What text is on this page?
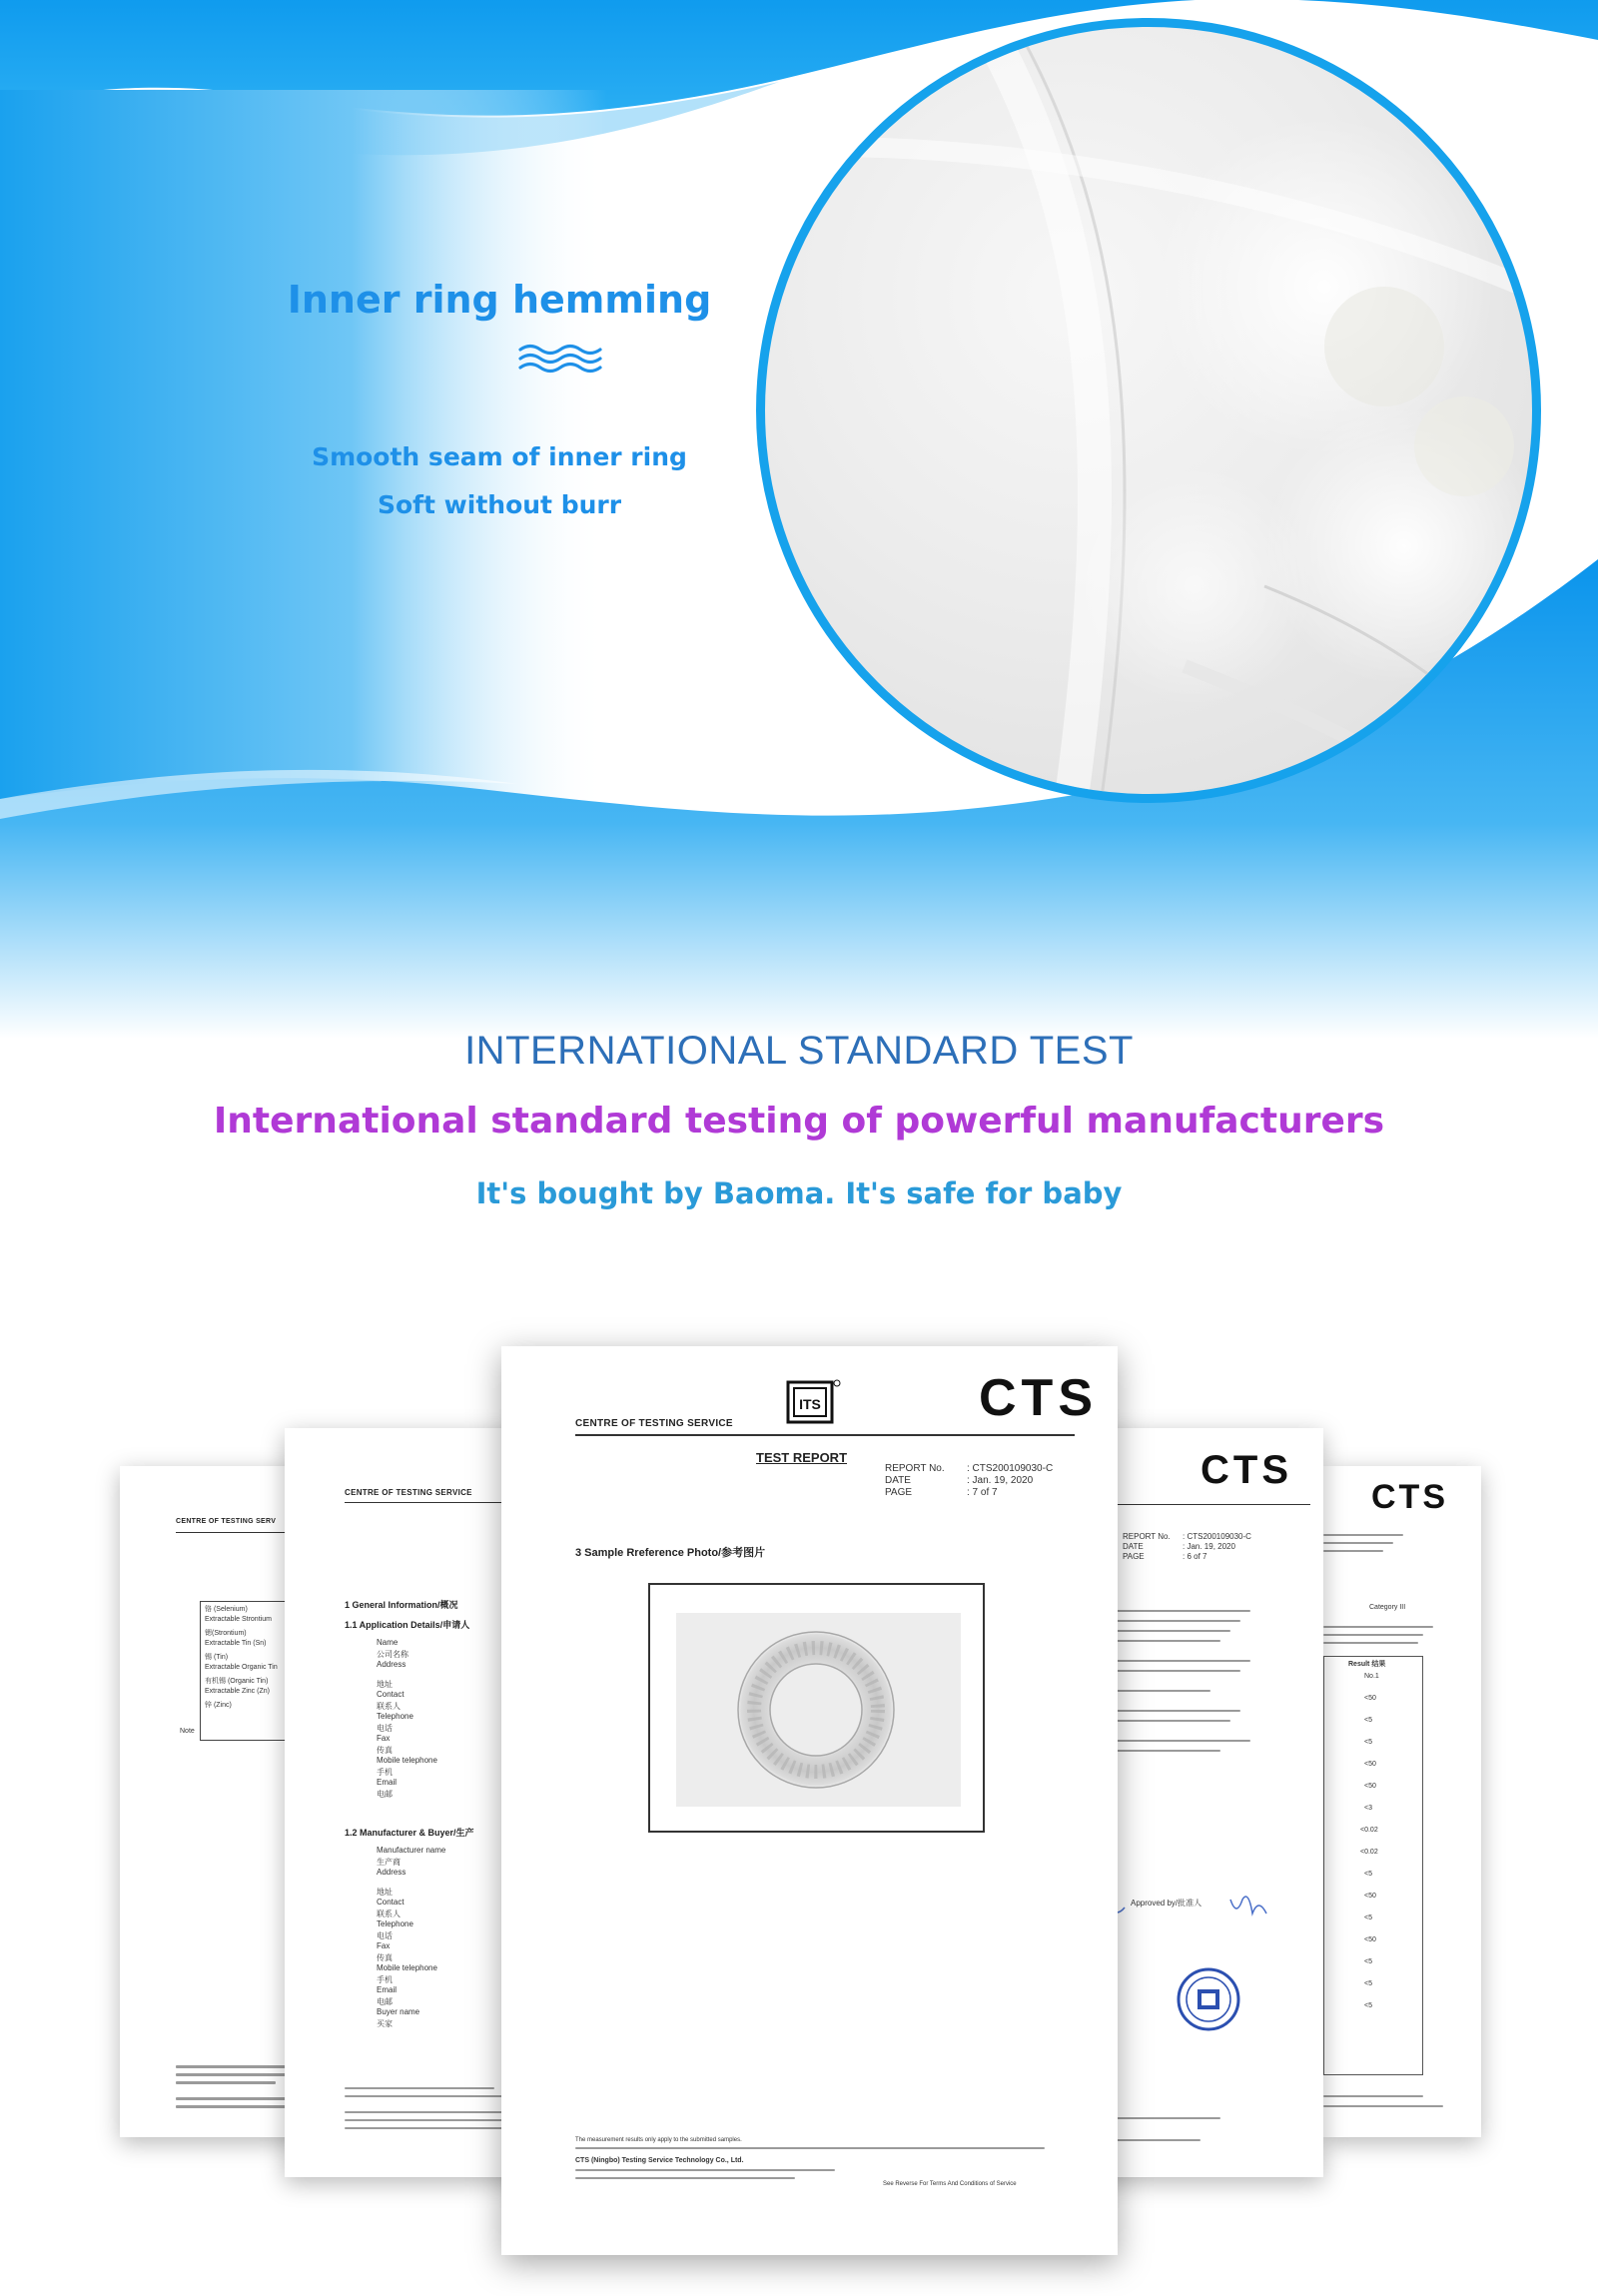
Inner ring hemming
Smooth seam of inner ring
Soft without burr
INTERNATIONAL STANDARD TEST
International standard testing of powerful manufacturers
It's bought by Baoma. It's safe for baby
CENTRE OF TESTING SERV
铬 (Selenium)
Extractable Strontium
锶(Strontium)
Extractable Tin (Sn)
锡 (Tin)
Extractable Organic Tin
有机锡 (Organic Tin)
Extractable Zinc (Zn)
锌 (Zinc)
Note
CTS
Category III
Result 结果
No.1
<50
<5
<5
<50
<50
<3
<0.02
<0.02
<5
<50
<5
<50
<5
<5
<5
CENTRE OF TESTING SERVICE
1 General Information/概况
1.1 Application Details/申请人
Name
公司名称
Address
地址
Contact
联系人
Telephone
电话
Fax
传真
Mobile telephone
手机
Email
电邮
1.2 Manufacturer & Buyer/生产
Manufacturer name
生产商
Address
地址
Contact
联系人
Telephone
电话
Fax
传真
Mobile telephone
手机
Email
电邮
Buyer name
买家
CTS
REPORT No. : CTS200109030-C
DATE	: Jan. 19, 2020
PAGE	: 6 of 7
Approved by/批准人
ITS	CTS
CENTRE OF TESTING SERVICE
TEST REPORT
REPORT No. : CTS200109030-C
DATE	: Jan. 19, 2020
PAGE	: 7 of 7
3 Sample Rreference Photo/参考图片
The measurement results only apply to the submitted samples.
CTS (Ningbo) Testing Service Technology Co., Ltd.
See Reverse For Terms And Conditions of Service
